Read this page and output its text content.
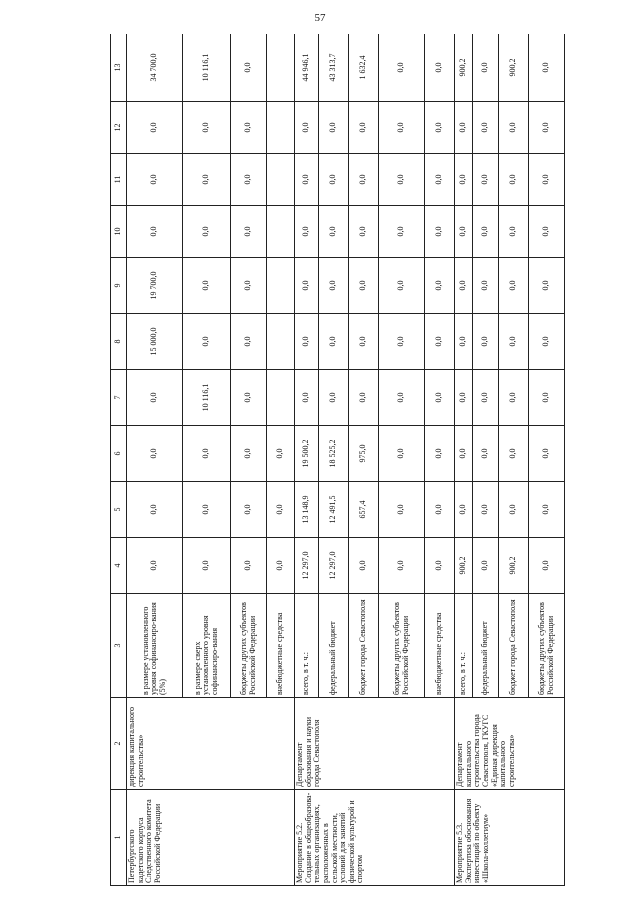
57
1	2	3	4	5	6	7	8	9	10	11	12	13
Петербургского кадетского корпуса Следственного комитета Российской Федерации	дирекция капитального строительства»	в размере установленного уровня софинансиро-вания (5%)	0,0	0,0	0,0	0,0	15 000,0	19 700,0	0,0	0,0	0,0	34 700,0
		в размере сверх установленного уровня софинансиро-вания	0,0	0,0	0,0	10 116,1	0,0	0,0	0,0	0,0	0,0	10 116,1
		бюджеты других субъектов Российской Федерации	0,0	0,0	0,0	0,0	0,0	0,0	0,0	0,0	0,0	0,0
		внебюджетные средства	0,0	0,0	0,0							
Мероприятие 5.2. Создание в общеобразова-тельных организациях, расположенных в сельской местности, условий для занятий физической культурой и спортом	Департамент образования и науки города Севастополя	всего, в т. ч.:	12 297,0	13 148,9	19 500,2	0,0	0,0	0,0	0,0	0,0	0,0	44 946,1
		федеральный бюджет	12 297,0	12 491,5	18 525,2	0,0	0,0	0,0	0,0	0,0	0,0	43 313,7
		бюджет города Севастополя	0,0	657,4	975,0	0,0	0,0	0,0	0,0	0,0	0,0	1 632,4
		бюджеты других субъектов Российской Федерации	0,0	0,0	0,0	0,0	0,0	0,0	0,0	0,0	0,0	0,0
		внебюджетные средства	0,0	0,0	0,0	0,0	0,0	0,0	0,0	0,0	0,0	0,0
Мероприятие 5.3. Экспертиза обоснования инвестиций по объекту «Школа-коллегиум»	Департамент капитального строительства города Севастополя, ГКУГС «Единая дирекция капитального строительства»	всего, в т. ч.:	900,2	0,0	0,0	0,0	0,0	0,0	0,0	0,0	0,0	900,2
		федеральный бюджет	0,0	0,0	0,0	0,0	0,0	0,0	0,0	0,0	0,0	0,0
		бюджет города Севастополя	900,2	0,0	0,0	0,0	0,0	0,0	0,0	0,0	0,0	900,2
		бюджеты других субъектов Российской Федерации	0,0	0,0	0,0	0,0	0,0	0,0	0,0	0,0	0,0	0,0
